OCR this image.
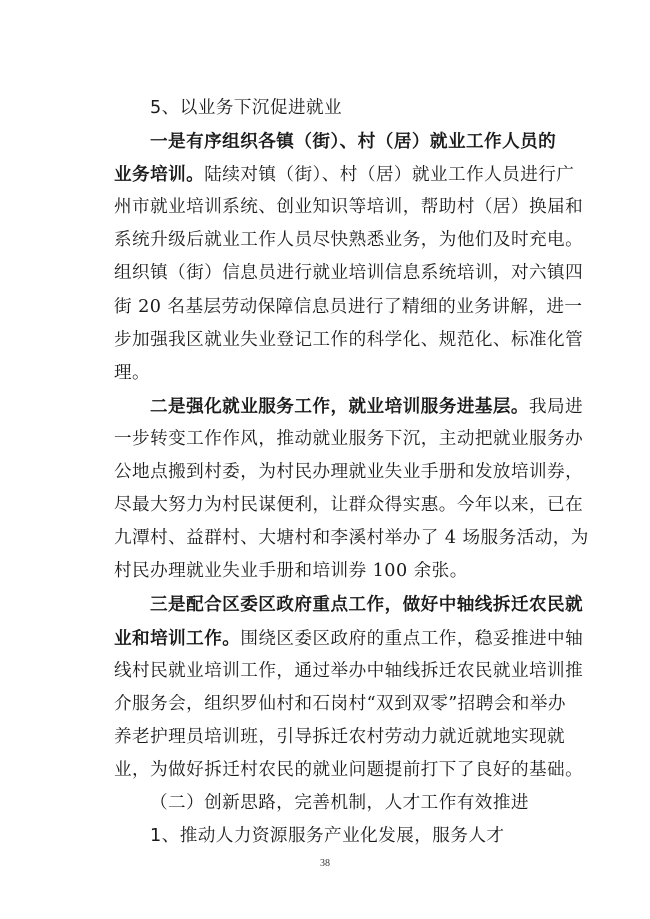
5、以业务下沉促进就业
一是有序组织各镇（街）、村（居）就业工作人员的
业务培训。陆续对镇（街）、村（居）就业工作人员进行广
州市就业培训系统、创业知识等培训，帮助村（居）换届和
系统升级后就业工作人员尽快熟悉业务，为他们及时充电。
组织镇（街）信息员进行就业培训信息系统培训，对六镇四
街 20 名基层劳动保障信息员进行了精细的业务讲解，进一
步加强我区就业失业登记工作的科学化、规范化、标准化管
理。
二是强化就业服务工作，就业培训服务进基层。我局进
一步转变工作作风，推动就业服务下沉，主动把就业服务办
公地点搬到村委，为村民办理就业失业手册和发放培训券，
尽最大努力为村民谋便利，让群众得实惠。今年以来，已在
九潭村、益群村、大塘村和李溪村举办了 4 场服务活动，为
村民办理就业失业手册和培训券 100 余张。
三是配合区委区政府重点工作，做好中轴线拆迁农民就
业和培训工作。围绕区委区政府的重点工作，稳妥推进中轴
线村民就业培训工作，通过举办中轴线拆迁农民就业培训推
介服务会，组织罗仙村和石岗村“双到双零”招聘会和举办
养老护理员培训班，引导拆迁农村劳动力就近就地实现就
业，为做好拆迁村农民的就业问题提前打下了良好的基础。
（二）创新思路，完善机制，人才工作有效推进
1、推动人力资源服务产业化发展，服务人才
38
